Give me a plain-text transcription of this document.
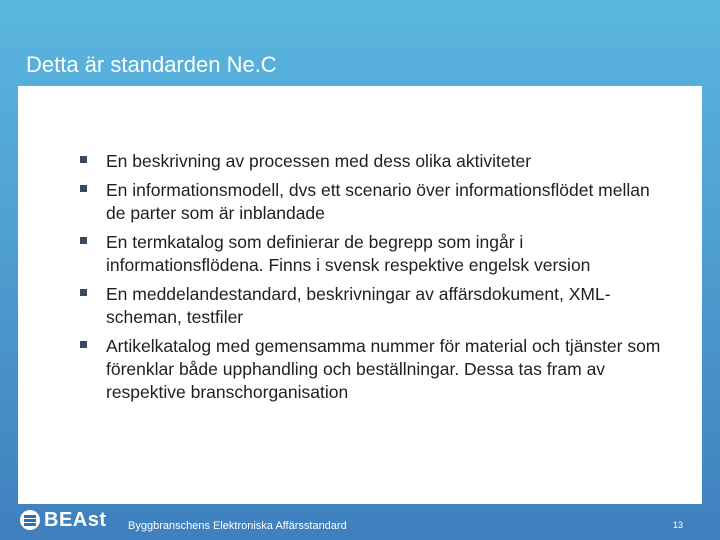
Detta är standarden Ne.C
En beskrivning av processen med dess olika aktiviteter
En informationsmodell, dvs ett scenario över informationsflödet mellan de parter som är inblandade
En termkatalog som definierar de begrepp som ingår i informationsflödena. Finns i svensk respektive engelsk version
En meddelandestandard, beskrivningar av affärsdokument, XML-scheman, testfiler
Artikelkatalog med gemensamma nummer för material och tjänster som förenklar både upphandling och beställningar. Dessa tas fram av respektive branschorganisation
BEAst Byggbranschens Elektroniska Affärsstandard	13
